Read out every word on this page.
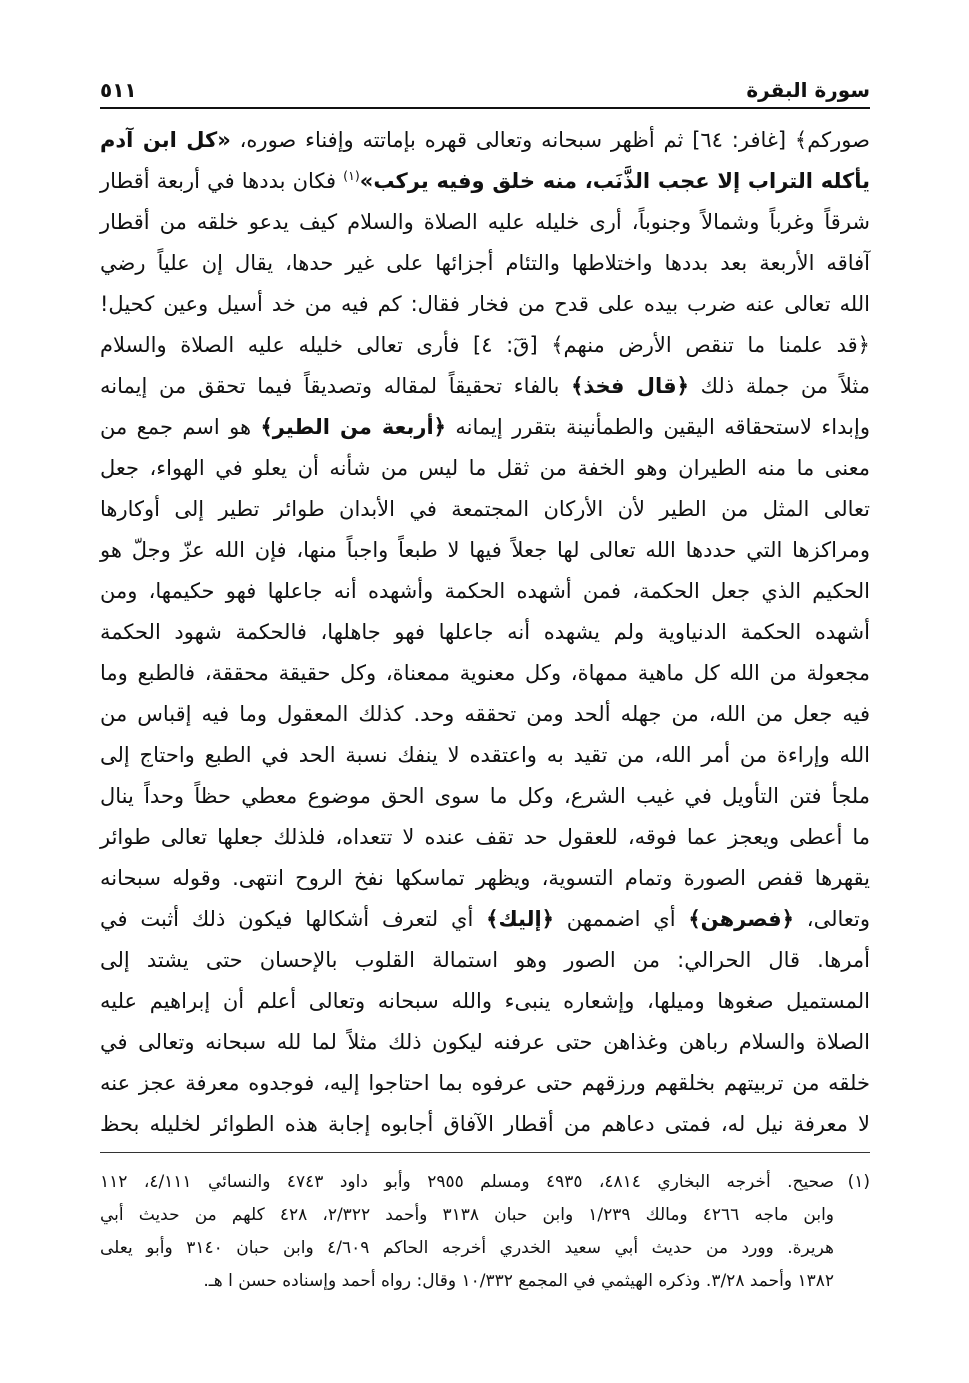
سورة البقرة
٥١١
صوركم﴾ [غافر: ٦٤] ثم أظهر سبحانه وتعالى قهره بإماتته وإفناء صوره، «كل ابن آدم
يأكله التراب إلا عجب الذَّنَب، منه خلق وفيه يركب»$^{(١)}$ فكان بددها في أربعة أقطار
شرقاً وغرباً وشمالاً وجنوباً، أرى خليله عليه الصلاة والسلام كيف يدعو خلقه من أقطار
آفاقه الأربعة بعد بددها واختلاطها والتئام أجزائها على غير حدها، يقال إن علياً رضي
الله تعالى عنه ضرب بيده على قدح من فخار فقال: كم فيه من خد أسيل وعين كحيل!
﴿قد علمنا ما تنقص الأرض منهم﴾ [قٓ: ٤] فأرى تعالى خليله عليه الصلاة والسلام
مثلاً من جملة ذلك ﴿قال فخذ﴾ بالفاء تحقيقاً لمقاله وتصديقاً فيما تحقق من إيمانه
وإبداء لاستحقاقه اليقين والطمأنينة بتقرر إيمانه ﴿أربعة من الطير﴾ هو اسم جمع من
معنى ما منه الطيران وهو الخفة من ثقل ما ليس من شأنه أن يعلو في الهواء، جعل
تعالى المثل من الطير لأن الأركان المجتمعة في الأبدان طوائر تطير إلى أوكارها
ومراكزها التي حددها الله تعالى لها جعلاً فيها لا طبعاً واجباً منها، فإن الله عزّ وجلّ هو
الحكيم الذي جعل الحكمة، فمن أشهده الحكمة وأشهده أنه جاعلها فهو حكيمها، ومن
أشهده الحكمة الدنياوية ولم يشهده أنه جاعلها فهو جاهلها، فالحكمة شهود الحكمة
مجعولة من الله كل ماهية ممهاة، وكل معنوية ممعناة، وكل حقيقة محققة، فالطبع وما
فيه جعل من الله، من جهله ألحد ومن تحققه وحد. كذلك المعقول وما فيه إقباس من
الله وإراءة من أمر الله، من تقيد به واعتقده لا ينفك نسبة الحد في الطبع واحتاج إلى
ملجأ فتن التأويل في غيب الشرع، وكل ما سوى الحق موضوع معطي حظاً وحداً ينال
ما أعطى ويعجز عما فوقه، للعقول حد تقف عنده لا تتعداه، فلذلك جعلها تعالى طوائر
يقهرها قفص الصورة وتمام التسوية، ويظهر تماسكها نفخ الروح انتهى. وقوله سبحانه
وتعالى، ﴿فصرهن﴾ أي اضممهن ﴿إليك﴾ أي لتعرف أشكالها فيكون ذلك أثبت في
أمرها. قال الحرالي: من الصور وهو استمالة القلوب بالإحسان حتى يشتد إلى
المستميل صغوها وميلها، وإشعاره ينبىء والله سبحانه وتعالى أعلم أن إبراهيم عليه
الصلاة والسلام رباهن وغذاهن حتى عرفنه ليكون ذلك مثلاً لما لله سبحانه وتعالى في
خلقه من تربيتهم بخلقهم ورزقهم حتى عرفوه بما احتاجوا إليه، فوجدوه معرفة عجز عنه
لا معرفة نيل له، فمتى دعاهم من أقطار الآفاق أجابوه إجابة هذه الطوائر لخليله بحظ
(١)
صحيح. أخرجه البخاري ٤٨١٤، ٤٩٣٥ ومسلم ٢٩٥٥ وأبو داود ٤٧٤٣ والنسائي ٤/١١١، ١١٢
وابن ماجه ٤٢٦٦ ومالك ١/٢٣٩ وابن حبان ٣١٣٨ وأحمد ٢/٣٢٢، ٤٢٨ كلهم من حديث أبي
هريرة. وورد من حديث أبي سعيد الخدري أخرجه الحاكم ٤/٦٠٩ وابن حبان ٣١٤٠ وأبو يعلى
١٣٨٢ وأحمد ٣/٢٨. وذكره الهيثمي في المجمع ١٠/٣٣٢ وقال: رواه أحمد وإسناده حسن ا هـ.
